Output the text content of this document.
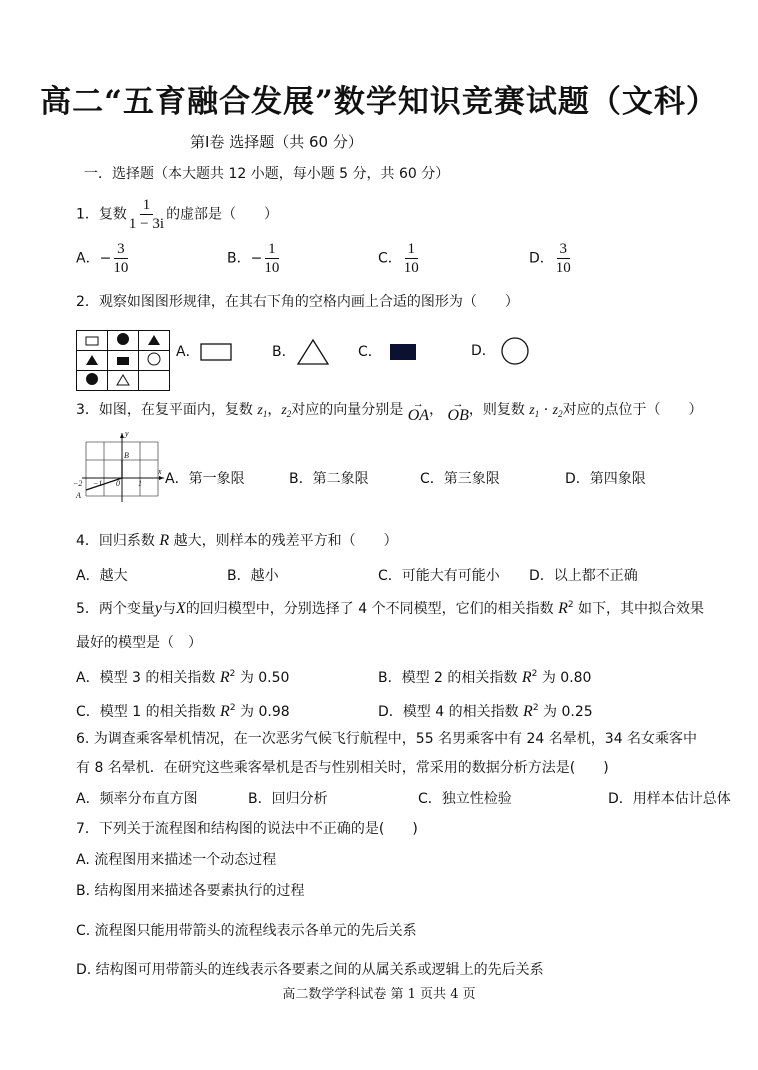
高二“五育融合发展”数学知识竞赛试题（文科）
第Ⅰ卷 选择题（共 60 分）
一．选择题（本大题共 12 小题，每小题 5 分，共 60 分）
1．复数 $\frac{1}{1 - 3i}$ 的虚部是（　　）
A．− $\frac{3}{10}$	B．− $\frac{1}{10}$	C． $\frac{1}{10}$	D． $\frac{3}{10}$
2．观察如图图形规律，在其右下角的空格内画上合适的图形为（　　）

A．	B．	C．	D．
3．如图，在复平面内，复数 $z_1$，$z_2$对应的向量分别是 →
OA ， →
OB ，则复数 $z_1 \cdot z_2$对应的点位于（　　）
y
B
−2 −1 0 1
x
A
A．第一象限	B．第二象限	C．第三象限	D．第四象限
4．回归系数 R 越大，则样本的残差平方和（　　）
A．越大	B．越小	C．可能大有可能小 D．以上都不正确
5．两个变量y与X的回归模型中，分别选择了 4 个不同模型，它们的相关指数 $R^2$ 如下，其中拟合效果
最好的模型是（　）
A．模型 3 的相关指数 $R^2$ 为 0.50	B．模型 2 的相关指数 $R^2$ 为 0.80
C．模型 1 的相关指数 $R^2$ 为 0.98	D．模型 4 的相关指数 $R^2$ 为 0.25
6. 为调查乘客晕机情况，在一次恶劣气候飞行航程中，55 名男乘客中有 24 名晕机，34 名女乘客中
有 8 名晕机．在研究这些乘客晕机是否与性别相关时，常采用的数据分析方法是(　　)
A．频率分布直方图	B．回归分析	C．独立性检验	D．用样本估计总体
7．下列关于流程图和结构图的说法中不正确的是(　　)
A. 流程图用来描述一个动态过程
B. 结构图用来描述各要素执行的过程
C. 流程图只能用带箭头的流程线表示各单元的先后关系
D. 结构图可用带箭头的连线表示各要素之间的从属关系或逻辑上的先后关系
高二数学学科试卷 第 1 页共 4 页
